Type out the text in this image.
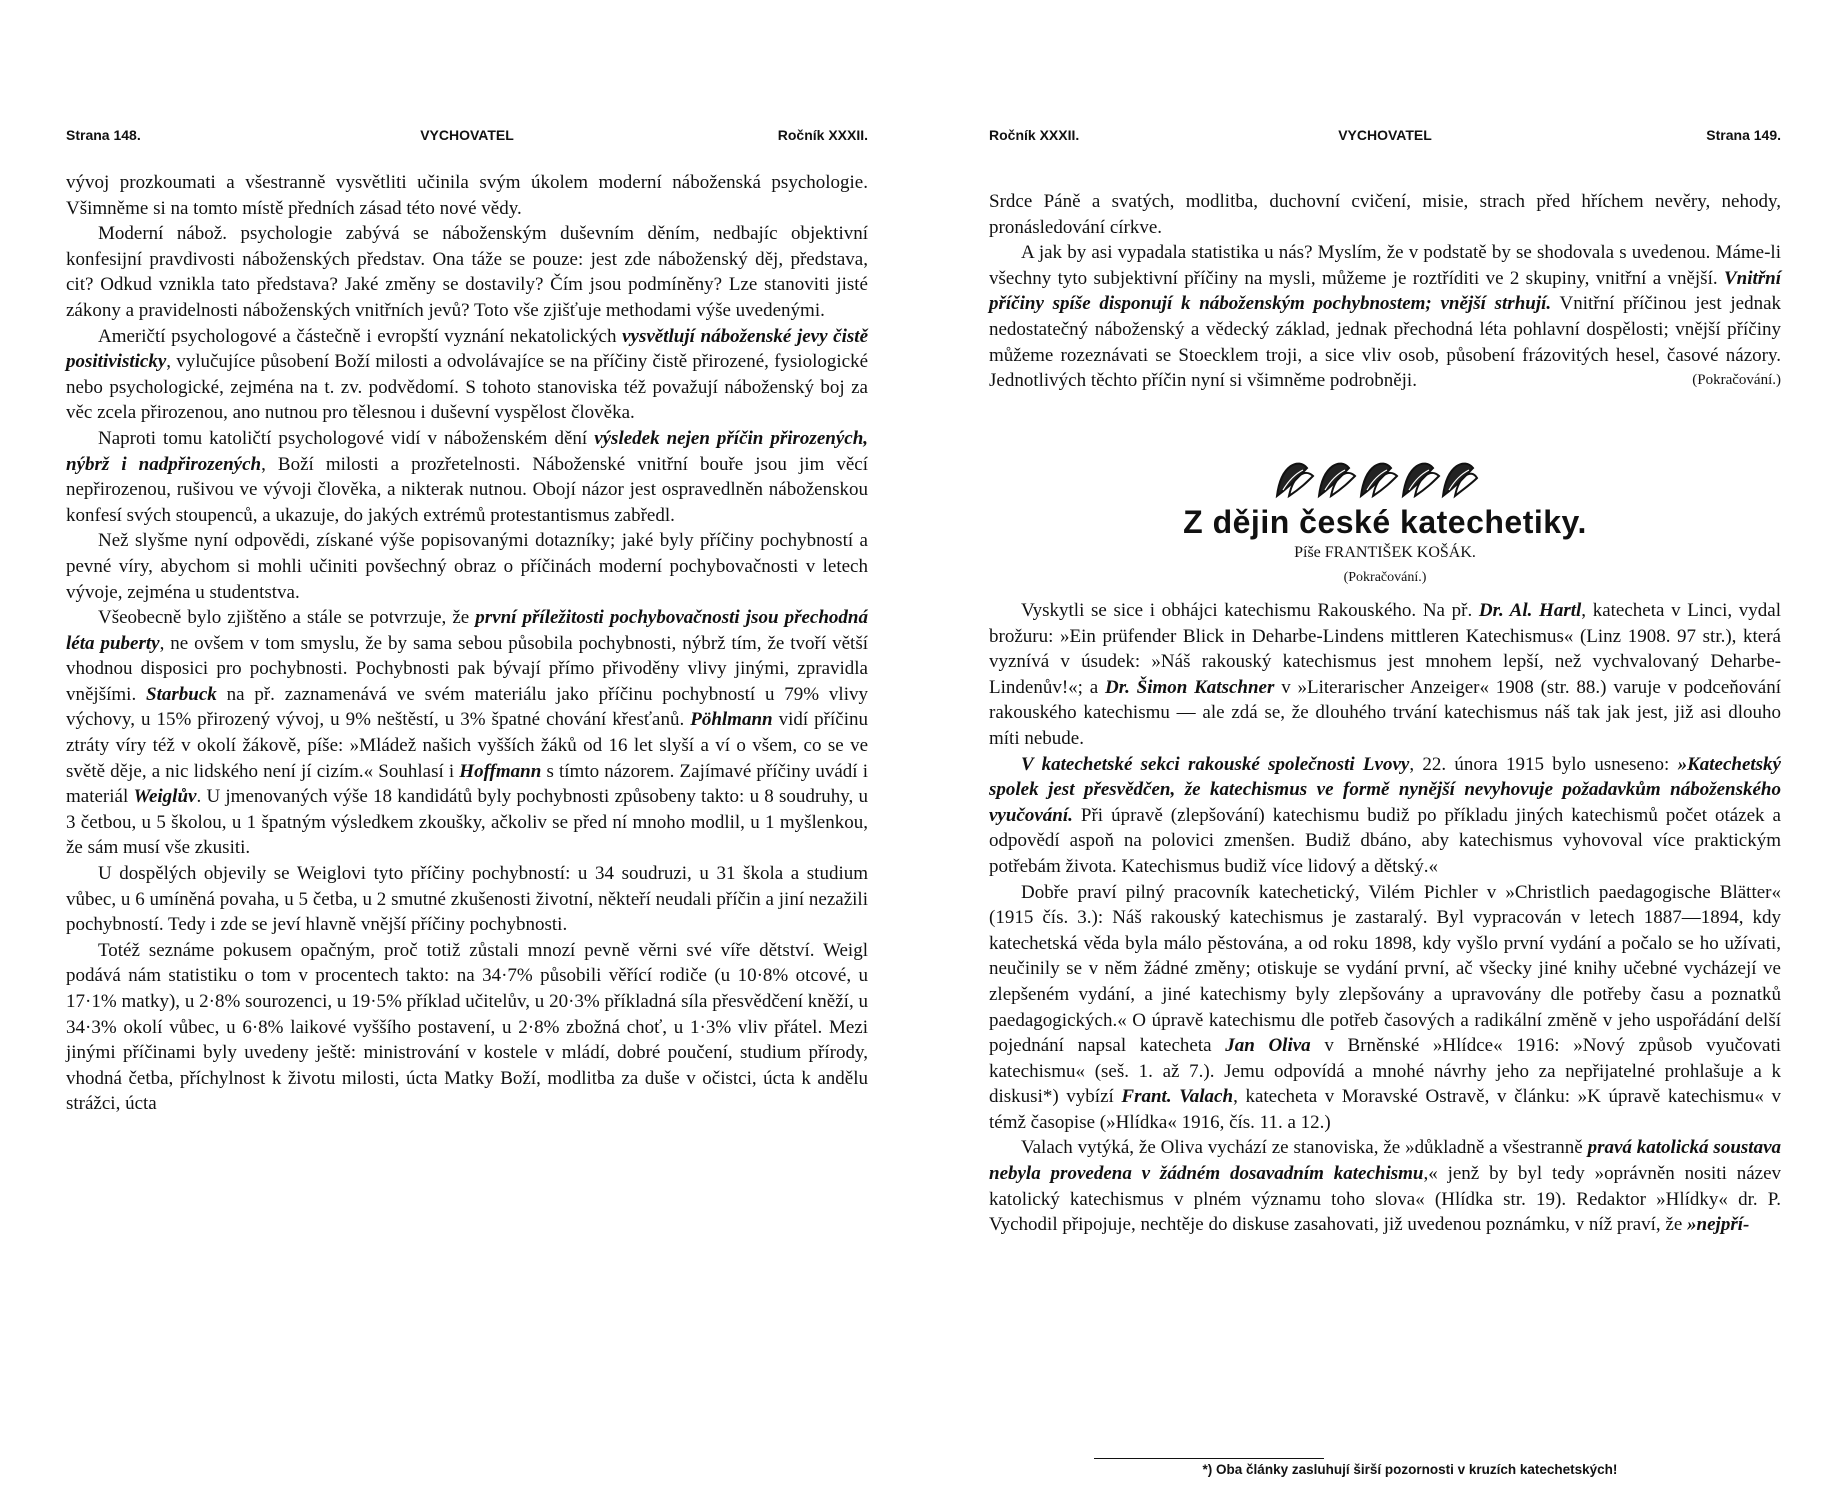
Strana 148.	VYCHOVATEL	Ročník XXXII.

vývoj prozkoumati a všestranně vysvětliti učinila svým úkolem moderní náboženská psychologie. Všimněme si na tomto místě předních zásad této nové vědy.

Moderní nábož. psychologie zabývá se náboženským duševním děním, nedbajíc objektivní konfesijní pravdivosti náboženských představ. Ona táže se pouze: jest zde náboženský děj, představa, cit? Odkud vznikla tato představa? Jaké změny se dostavily? Čím jsou podmíněny? Lze stanoviti jisté zákony a pravidelnosti náboženských vnitřních jevů? Toto vše zjišťuje methodami výše uvedenými.

Američtí psychologové a částečně i evropští vyznání nekatolických vysvětlují náboženské jevy čistě positivisticky, vylučujíce působení Boží milosti a odvolávajíce se na příčiny čistě přirozené, fysiologické nebo psychologické, zejména na t. zv. podvědomí. S tohoto stanoviska též považují náboženský boj za věc zcela přirozenou, ano nutnou pro tělesnou i duševní vyspělost člověka.

Naproti tomu katoličtí psychologové vidí v náboženském dění výsledek nejen příčin přirozených, nýbrž i nadpřirozených, Boží milosti a prozřetelnosti. Náboženské vnitřní bouře jsou jim věcí nepřirozenou, rušivou ve vývoji člověka, a nikterak nutnou. Obojí názor jest ospravedlněn náboženskou konfesí svých stoupenců, a ukazuje, do jakých extrémů protestantismus zabředl.

Než slyšme nyní odpovědi, získané výše popisovanými dotazníky; jaké byly příčiny pochybností a pevné víry, abychom si mohli učiniti povšechný obraz o příčinách moderní pochybovačnosti v letech vývoje, zejména u studentstva.

Všeobecně bylo zjištěno a stále se potvrzuje, že první příležitosti pochybovačnosti jsou přechodná léta puberty, ne ovšem v tom smyslu, že by sama sebou působila pochybnosti, nýbrž tím, že tvoří větší vhodnou disposici pro pochybnosti. Pochybnosti pak bývají přímo přivoděny vlivy jinými, zpravidla vnějšími. Starbuck na př. zaznamenává ve svém materiálu jako příčinu pochybností u 79% vlivy výchovy, u 15% přirozený vývoj, u 9% neštěstí, u 3% špatné chování křesťanů. Pöhlmann vidí příčinu ztráty víry též v okolí žákově, píše: »Mládež našich vyšších žáků od 16 let slyší a ví o všem, co se ve světě děje, a nic lidského není jí cizím.« Souhlasí i Hoffmann s tímto názorem. Zajímavé příčiny uvádí i materiál Weiglův. U jmenovaných výše 18 kandidátů byly pochybnosti způsobeny takto: u 8 soudruhy, u 3 četbou, u 5 školou, u 1 špatným výsledkem zkoušky, ačkoliv se před ní mnoho modlil, u 1 myšlenkou, že sám musí vše zkusiti.

U dospělých objevily se Weiglovi tyto příčiny pochybností: u 34 soudruzi, u 31 škola a studium vůbec, u 6 umíněná povaha, u 5 četba, u 2 smutné zkušenosti životní, někteří neudali příčin a jiní nezažili pochybností. Tedy i zde se jeví hlavně vnější příčiny pochybnosti.

Totéž seznáme pokusem opačným, proč totiž zůstali mnozí pevně věrni své víře dětství. Weigl podává nám statistiku o tom v procentech takto: na 34·7% působili věřící rodiče (u 10·8% otcové, u 17·1% matky), u 2·8% sourozenci, u 19·5% příklad učitelův, u 20·3% příkladná síla přesvědčení kněží, u 34·3% okolí vůbec, u 6·8% laikové vyššího postavení, u 2·8% zbožná choť, u 1·3% vliv přátel. Mezi jinými příčinami byly uvedeny ještě: ministrování v kostele v mládí, dobré poučení, studium přírody, vhodná četba, příchylnost k životu milosti, úcta Matky Boží, modlitba za duše v očistci, úcta k andělu strážci, úcta

Ročník XXXII.	VYCHOVATEL	Strana 149.

Srdce Páně a svatých, modlitba, duchovní cvičení, misie, strach před hříchem nevěry, nehody, pronásledování církve.

A jak by asi vypadala statistika u nás? Myslím, že v podstatě by se shodovala s uvedenou. Máme-li všechny tyto subjektivní příčiny na mysli, můžeme je roztříditi ve 2 skupiny, vnitřní a vnější. Vnitřní příčiny spíše disponují k náboženským pochybnostem; vnější strhují. Vnitřní příčinou jest jednak nedostatečný náboženský a vědecký základ, jednak přechodná léta pohlavní dospělosti; vnější příčiny můžeme rozeznávati se Stoecklem troji, a sice vliv osob, působení frázovitých hesel, časové názory. Jednotlivých těchto příčin nyní si všimněme podrobněji.	(Pokračování.)

Z dějin české katechetiky.
Píše FRANTIŠEK KOŠÁK.
(Pokračování.)

Vyskytli se sice i obhájci katechismu Rakouského. Na př. Dr. Al. Hartl, katecheta v Linci, vydal brožuru: »Ein prüfender Blick in Deharbe-Lindens mittleren Katechismus« (Linz 1908. 97 str.), která vyznívá v úsudek: »Náš rakouský katechismus jest mnohem lepší, než vychvalovaný Deharbe-Lindenův!«; a Dr. Šimon Katschner v »Literarischer Anzeiger« 1908 (str. 88.) varuje v podceňování rakouského katechismu — ale zdá se, že dlouhého trvání katechismus náš tak jak jest, již asi dlouho míti nebude.

V katechetské sekci rakouské společnosti Lvovy, 22. února 1915 bylo usneseno: »Katechetský spolek jest přesvědčen, že katechismus ve formě nynější nevyhovuje požadavkům náboženského vyučování. Při úpravě (zlepšování) katechismu budiž po příkladu jiných katechismů počet otázek a odpovědí aspoň na polovici zmenšen. Budiž dbáno, aby katechismus vyhovoval více praktickým potřebám života. Katechismus budiž více lidový a dětský.«

Dobře praví pilný pracovník katechetický, Vilém Pichler v »Christlich paedagogische Blätter« (1915 čís. 3.): Náš rakouský katechismus je zastaralý. Byl vypracován v letech 1887—1894, kdy katechetská věda byla málo pěstována, a od roku 1898, kdy vyšlo první vydání a počalo se ho užívati, neučinily se v něm žádné změny; otiskuje se vydání první, ač všecky jiné knihy učebné vycházejí ve zlepšeném vydání, a jiné katechismy byly zlepšovány a upravovány dle potřeby času a poznatků paedagogických.« O úpravě katechismu dle potřeb časových a radikální změně v jeho uspořádání delší pojednání napsal katecheta Jan Oliva v Brněnské »Hlídce« 1916: »Nový způsob vyučovati katechismu« (seš. 1. až 7.). Jemu odpovídá a mnohé návrhy jeho za nepřijatelné prohlašuje a k diskusi*) vybízí Frant. Valach, katecheta v Moravské Ostravě, v článku: »K úpravě katechismu« v témž časopise (»Hlídka« 1916, čís. 11. a 12.)

Valach vytýká, že Oliva vychází ze stanoviska, že »důkladně a všestranně pravá katolická soustava nebyla provedena v žádném dosavadním katechismu,« jenž by byl tedy »oprávněn nositi název katolický katechismus v plném významu toho slova« (Hlídka str. 19). Redaktor »Hlídky« dr. P. Vychodil připojuje, nechtěje do diskuse zasahovati, již uvedenou poznámku, v níž praví, že »nejpří-

*) Oba články zasluhují širší pozornosti v kruzích katechetských!
